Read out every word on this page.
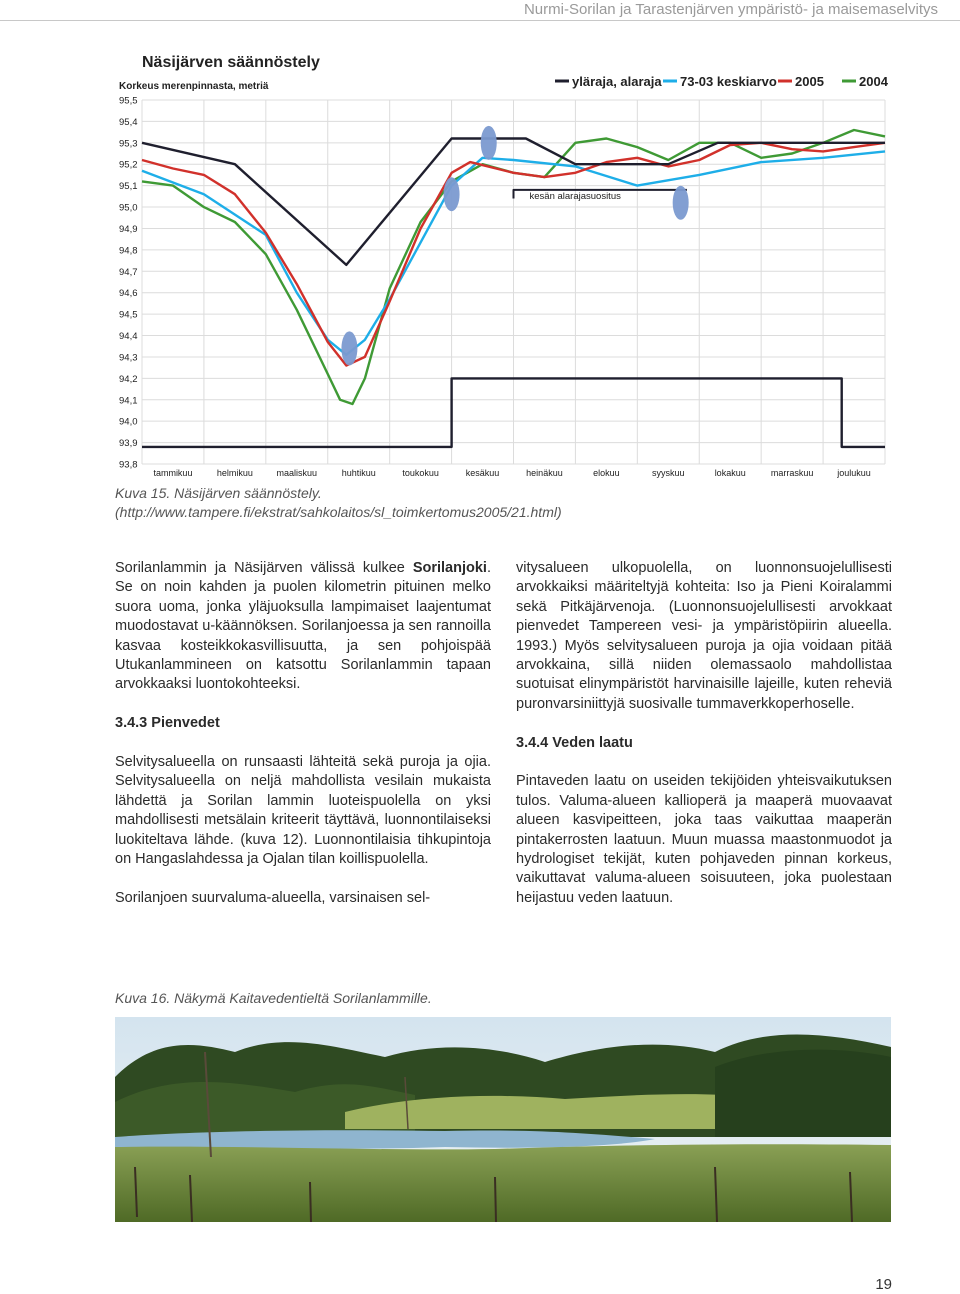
Nurmi-Sorilan ja Tarastenjärven ympäristö- ja maisemaselvitys
Näsijärven säännöstely
Korkeus merenpinnasta, metriä
95,5
95,4
95,3
95,2
95,1
95,0
94,9
94,8
94,7
94,6
94,5
94,4
94,3
94,2
94,1
94,0
93,9
93,8
tammikuu	helmikuu	maaliskuu	huhtikuu	toukokuu	kesäkuu	heinäkuu	elokuu	syyskuu	lokakuu	marraskuu	joulukuu
kesän alarajasuositus
yläraja, alaraja 73-03 keskiarvo 2005	2004
Kuva 15. Näsijärven säännöstely.
(http://www.tampere.fi/ekstrat/sahkolaitos/sl_toimkertomus2005/21.html)

Sorilanlammin ja Näsijärven välissä kulkee Sorilanjoki. Se on noin kahden ja puolen kilometrin pituinen melko suora uoma, jonka yläjuoksulla lampimaiset laajentumat muodostavat u-käännöksen. Sorilanjoessa ja sen rannoilla kasvaa kosteikkokasvillisuutta, ja sen pohjoispää Utukanlammineen on katsottu Sorilanlammin tapaan arvokkaaksi luontokohteeksi.

3.4.3 Pienvedet

Selvitysalueella on runsaasti lähteitä sekä puroja ja ojia. Selvitysalueella on neljä mahdollista vesilain mukaista lähdettä ja Sorilan lammin luoteispuolella on yksi mahdollisesti metsälain kriteerit täyttävä, luonnontilaiseksi luokiteltava lähde. (kuva 12). Luonnontilaisia tihkupintoja on Hangaslahdessa ja Ojalan tilan koillispuolella.

Sorilanjoen suurvaluma-alueella, varsinaisen sel-

vitysalueen ulkopuolella, on luonnonsuojelullisesti arvokkaiksi määriteltyjä kohteita: Iso ja Pieni Koiralammi sekä Pitkäjärvenoja. (Luonnonsuojelullisesti arvokkaat pienvedet Tampereen vesi- ja ympäristöpiirin alueella. 1993.) Myös selvitysalueen puroja ja ojia voidaan pitää arvokkaina, sillä niiden olemassaolo mahdollistaa suotuisat elinympäristöt harvinaisille lajeille, kuten reheviä puronvarsiniittyjä suosivalle tummaverkkoperhoselle.

3.4.4 Veden laatu

Pintaveden laatu on useiden tekijöiden yhteisvaikutuksen tulos. Valuma-alueen kallioperä ja maaperä muovaavat alueen kasvipeitteen, joka taas vaikuttaa maaperän pintakerrosten laatuun. Muun muassa maastonmuodot ja hydrologiset tekijät, kuten pohjaveden pinnan korkeus, vaikuttavat valuma-alueen soisuuteen, joka puolestaan heijastuu veden laatuun.

Kuva 16. Näkymä Kaitavedentieltä Sorilanlammille.
19
